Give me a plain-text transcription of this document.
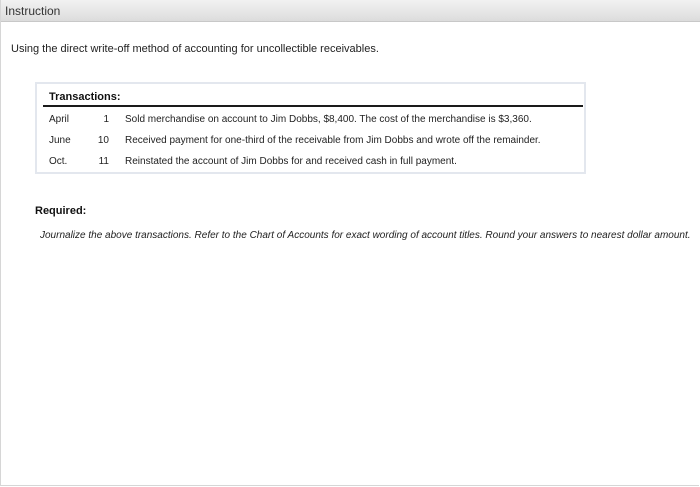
Instruction
Using the direct write-off method of accounting for uncollectible receivables.
Transactions:
April	1 Sold merchandise on account to Jim Dobbs, $8,400. The cost of the merchandise is $3,360.
June	10 Received payment for one-third of the receivable from Jim Dobbs and wrote off the remainder.
Oct.	11 Reinstated the account of Jim Dobbs for and received cash in full payment.
Required:
Journalize the above transactions. Refer to the Chart of Accounts for exact wording of account titles. Round your answers to nearest dollar amount.
